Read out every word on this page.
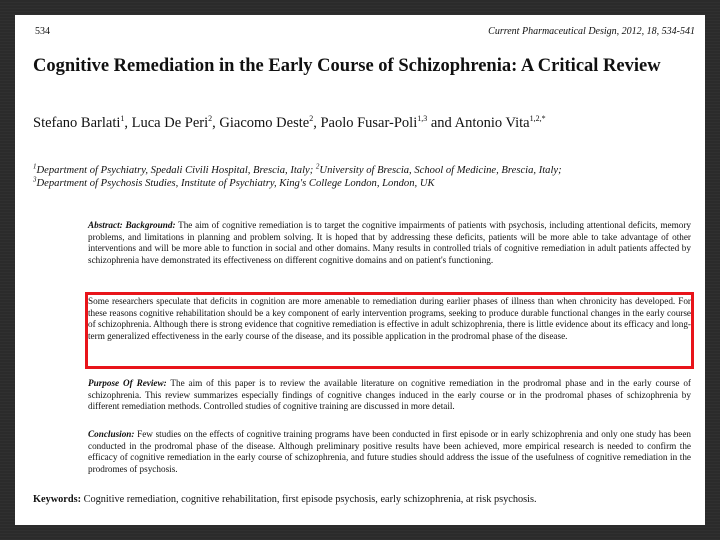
534	Current Pharmaceutical Design, 2012, 18, 534-541
Cognitive Remediation in the Early Course of Schizophrenia: A Critical Review
Stefano Barlati$^1$, Luca De Peri$^2$, Giacomo Deste$^2$, Paolo Fusar-Poli$^{1,3}$ and Antonio Vita$^{1,2,*}$
$^1$Department of Psychiatry, Spedali Civili Hospital, Brescia, Italy; $^2$University of Brescia, School of Medicine, Brescia, Italy;
$^3$Department of Psychosis Studies, Institute of Psychiatry, King's College London, London, UK
Abstract: Background: The aim of cognitive remediation is to target the cognitive impairments of patients with psychosis, including attentional deficits, memory problems, and limitations in planning and problem solving. It is hoped that by addressing these deficits, patients will be more able to take advantage of other interventions and will be more able to function in social and other domains. Many results in controlled trials of cognitive remediation in adult patients affected by schizophrenia have demonstrated its effectiveness on different cognitive domains and on patient's functioning.
Some researchers speculate that deficits in cognition are more amenable to remediation during earlier phases of illness than when chronicity has developed. For these reasons cognitive rehabilitation should be a key component of early intervention programs, seeking to produce durable functional changes in the early course of schizophrenia. Although there is strong evidence that cognitive remediation is effective in adult schizophrenia, there is little evidence about its efficacy and long-term generalized effectiveness in the early course of the disease, and its possible application in the prodromal phase of the disease.
Purpose Of Review: The aim of this paper is to review the available literature on cognitive remediation in the prodromal phase and in the early course of schizophrenia. This review summarizes especially findings of cognitive changes induced in the early course or in the prodromal phases of schizophrenia by different remediation methods. Controlled studies of cognitive training are discussed in more detail.
Conclusion: Few studies on the effects of cognitive training programs have been conducted in first episode or in early schizophrenia and only one study has been conducted in the prodromal phase of the disease. Although preliminary positive results have been achieved, more empirical research is needed to confirm the efficacy of cognitive remediation in the early course of schizophrenia, and future studies should address the issue of the usefulness of cognitive remediation in the prodromes of psychosis.
Keywords: Cognitive remediation, cognitive rehabilitation, first episode psychosis, early schizophrenia, at risk psychosis.
